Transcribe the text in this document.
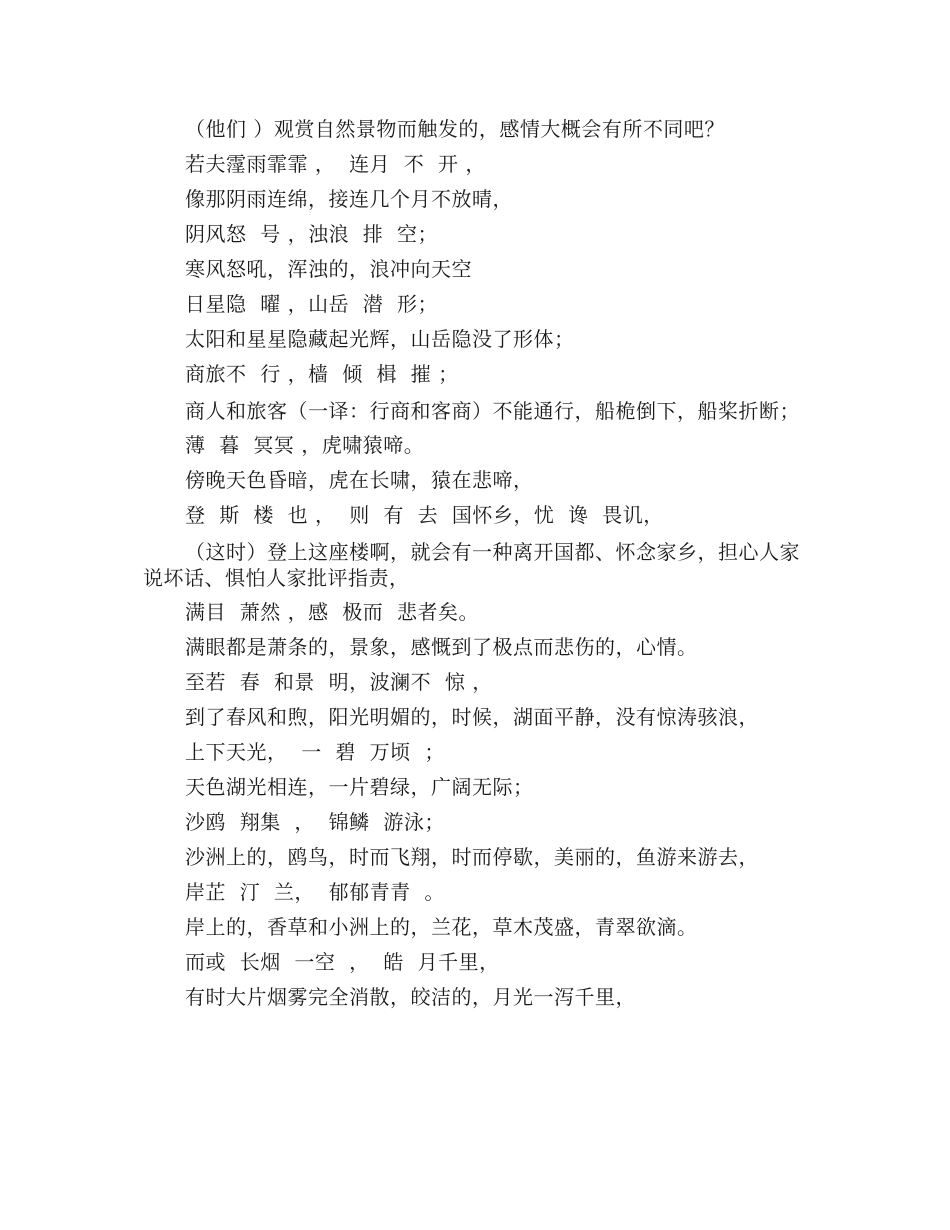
（他们 ）观赏自然景物而触发的，感情大概会有所不同吧？

若夫霪雨霏霏 ，  连月  不  开 ，

像那阴雨连绵，接连几个月不放晴，

阴风怒  号 ，浊浪  排  空；

寒风怒吼，浑浊的，浪冲向天空

日星隐  曜 ，山岳  潜  形；

太阳和星星隐藏起光辉，山岳隐没了形体；

商旅不  行 ，樯  倾  楫  摧 ；

商人和旅客（一译：行商和客商）不能通行，船桅倒下，船桨折断；

薄  暮  冥冥 ，虎啸猿啼。

傍晚天色昏暗，虎在长啸，猿在悲啼，

登  斯  楼  也 ，  则  有  去  国怀乡，忧  谗  畏讥，

（这时）登上这座楼啊，就会有一种离开国都、怀念家乡，担心人家说坏话、惧怕人家批评指责，

满目  萧然 ，感  极而  悲者矣。

满眼都是萧条的，景象，感慨到了极点而悲伤的，心情。

至若  春  和景  明，波澜不  惊 ，

到了春风和煦，阳光明媚的，时候，湖面平静，没有惊涛骇浪，

上下天光，  一  碧  万顷  ；

天色湖光相连，一片碧绿，广阔无际；

沙鸥  翔集  ，  锦鳞  游泳；

沙洲上的，鸥鸟，时而飞翔，时而停歇，美丽的，鱼游来游去，

岸芷  汀  兰，  郁郁青青  。

岸上的，香草和小洲上的，兰花，草木茂盛，青翠欲滴。

而或  长烟  一空  ，  皓  月千里，

有时大片烟雾完全消散，皎洁的，月光一泻千里，
